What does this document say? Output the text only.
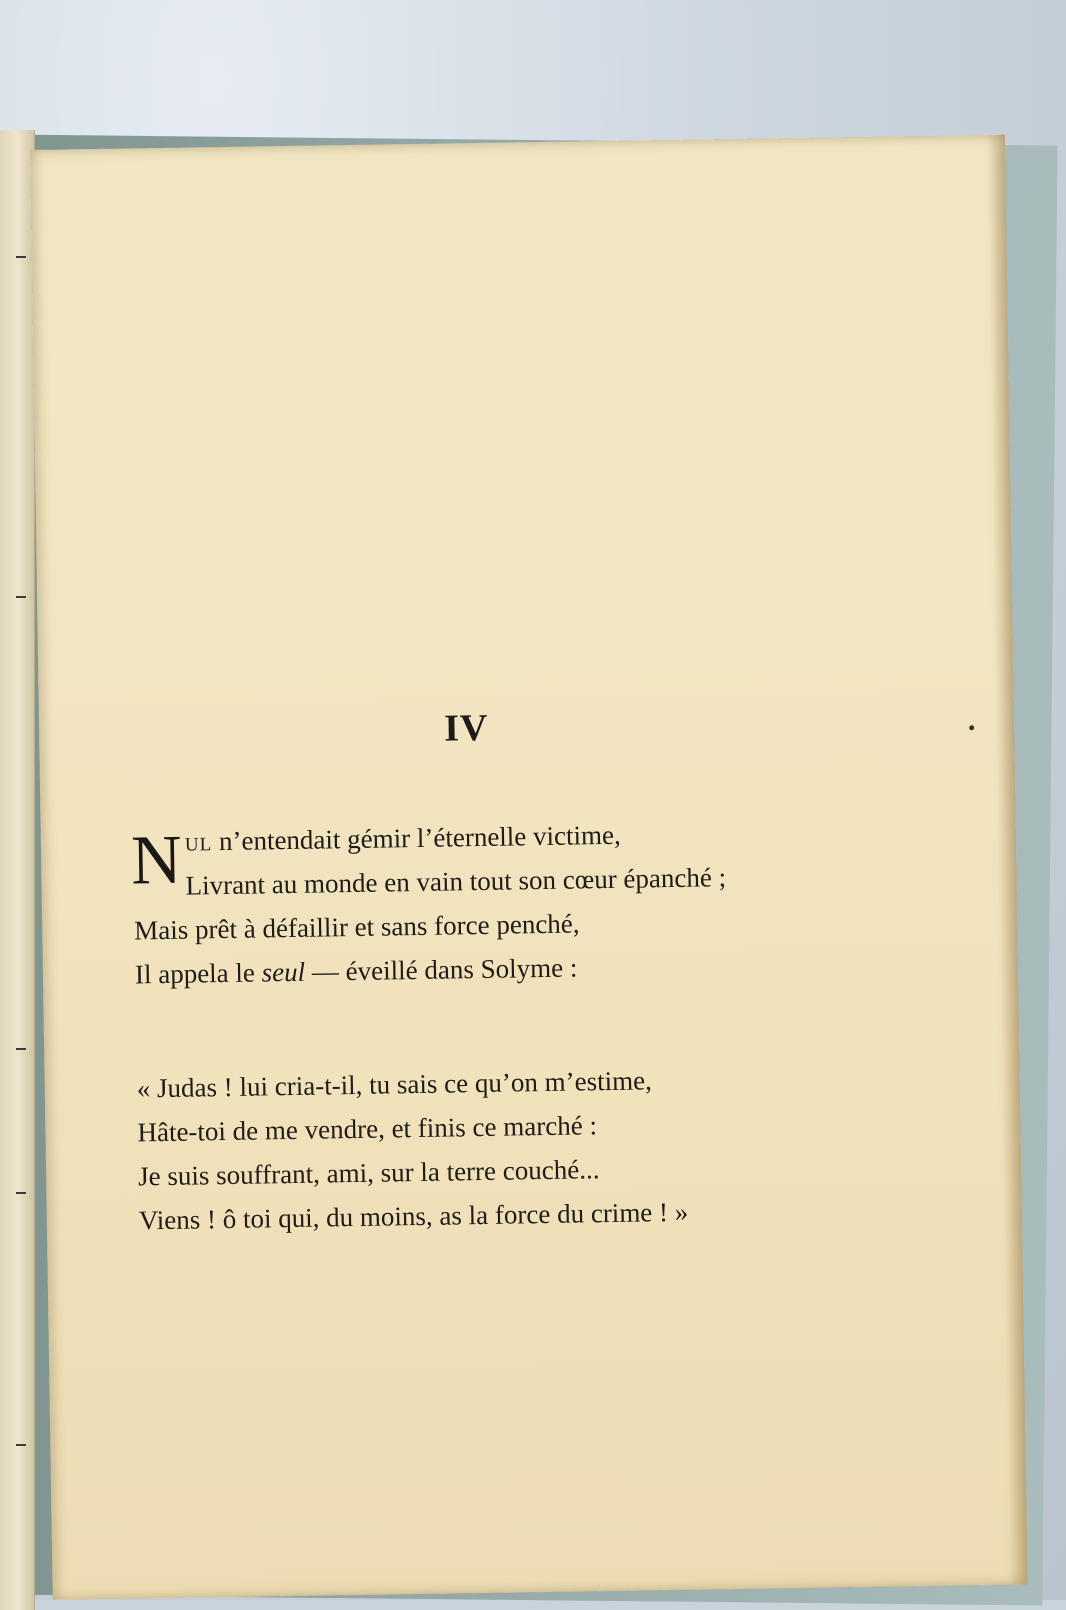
IV
N ul n’entendait gémir l’éternelle victime,
Livrant au monde en vain tout son cœur épanché ;
Mais prêt à défaillir et sans force penché,
Il appela le seul — éveillé dans Solyme :
« Judas ! lui cria-t-il, tu sais ce qu’on m’estime,
Hâte-toi de me vendre, et finis ce marché :
Je suis souffrant, ami, sur la terre couché...
Viens ! ô toi qui, du moins, as la force du crime ! »
